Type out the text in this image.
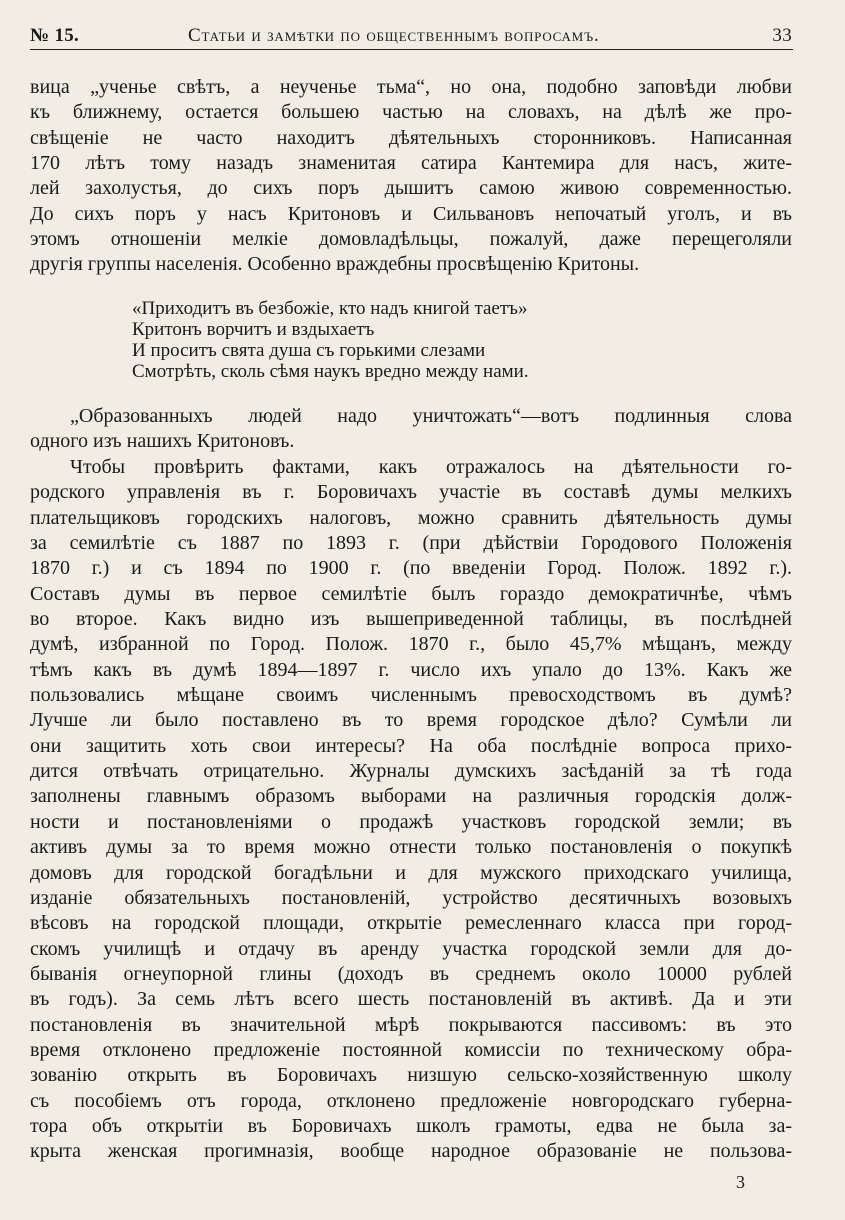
№ 15.	Статьи и замѣтки по общественнымъ вопросамъ.	33
вица „ученье свѣтъ, а неученье тьма“, но она, подобно заповѣди любви
къ ближнему, остается большею частью на словахъ, на дѣлѣ же про-
свѣщеніе не часто находитъ дѣятельныхъ сторонниковъ. Написанная
170 лѣтъ тому назадъ знаменитая сатира Кантемира для насъ, жите-
лей захолустья, до сихъ поръ дышитъ самою живою современностью.
До сихъ поръ у насъ Критоновъ и Сильвановъ непочатый уголъ, и въ
этомъ отношеніи мелкіе домовладѣльцы, пожалуй, даже перещеголяли
другія группы населенія. Особенно враждебны просвѣщенію Критоны.
«Приходитъ въ безбожіе, кто надъ книгой таетъ»
Критонъ ворчитъ и вздыхаетъ
И проситъ свята душа съ горькими слезами
Смотрѣть, сколь сѣмя наукъ вредно между нами.
„Образованныхъ людей надо уничтожать“—вотъ подлинныя слова
одного изъ нашихъ Критоновъ.
Чтобы провѣрить фактами, какъ отражалось на дѣятельности го-
родского управленія въ г. Боровичахъ участіе въ составѣ думы мелкихъ
плательщиковъ городскихъ налоговъ, можно сравнить дѣятельность думы
за семилѣтіе съ 1887 по 1893 г. (при дѣйствіи Городового Положенія
1870 г.) и съ 1894 по 1900 г. (по введеніи Город. Полож. 1892 г.).
Составъ думы въ первое семилѣтіе былъ гораздо демократичнѣе, чѣмъ
во второе. Какъ видно изъ вышеприведенной таблицы, въ послѣдней
думѣ, избранной по Город. Полож. 1870 г., было 45,7% мѣщанъ, между
тѣмъ какъ въ думѣ 1894—1897 г. число ихъ упало до 13%. Какъ же
пользовались мѣщане своимъ численнымъ превосходствомъ въ думѣ?
Лучше ли было поставлено въ то время городское дѣло? Сумѣли ли
они защитить хоть свои интересы? На оба послѣдніе вопроса прихо-
дится отвѣчать отрицательно. Журналы думскихъ засѣданій за тѣ года
заполнены главнымъ образомъ выборами на различныя городскія долж-
ности и постановленіями о продажѣ участковъ городской земли; въ
активъ думы за то время можно отнести только постановленія о покупкѣ
домовъ для городской богадѣльни и для мужского приходскаго училища,
изданіе обязательныхъ постановленій, устройство десятичныхъ возовыхъ
вѣсовъ на городской площади, открытіе ремесленнаго класса при город-
скомъ училищѣ и отдачу въ аренду участка городской земли для до-
быванія огнеупорной глины (доходъ въ среднемъ около 10000 рублей
въ годъ). За семь лѣтъ всего шесть постановленій въ активѣ. Да и эти
постановленія въ значительной мѣрѣ покрываются пассивомъ: въ это
время отклонено предложеніе постоянной комиссіи по техническому обра-
зованію открыть въ Боровичахъ низшую сельско-хозяйственную школу
съ пособіемъ отъ города, отклонено предложеніе новгородскаго губерна-
тора объ открытіи въ Боровичахъ школъ грамоты, едва не была за-
крыта женская прогимназія, вообще народное образованіе не пользова-
3
